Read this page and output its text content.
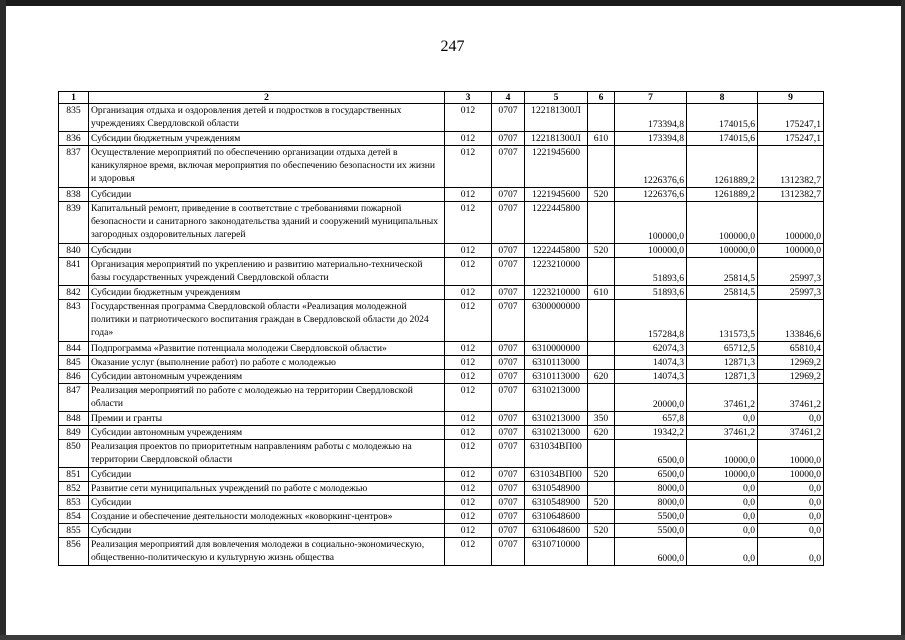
247
1	2	3	4	5	6	7	8	9
835	Организация отдыха и оздоровления детей и подростков в государственных учреждениях Свердловской области	012	0707	122181300Л		173394,8	174015,6	175247,1
836	Субсидии бюджетным учреждениям	012	0707	122181300Л	610	173394,8	174015,6	175247,1
837	Осуществление мероприятий по обеспечению организации отдыха детей в каникулярное время, включая мероприятия по обеспечению безопасности их жизни и здоровья	012	0707	1221945600		1226376,6	1261889,2	1312382,7
838	Субсидии	012	0707	1221945600	520	1226376,6	1261889,2	1312382,7
839	Капитальный ремонт, приведение в соответствие с требованиями пожарной безопасности и санитарного законодательства зданий и сооружений муниципальных загородных оздоровительных лагерей	012	0707	1222445800		100000,0	100000,0	100000,0
840	Субсидии	012	0707	1222445800	520	100000,0	100000,0	100000,0
841	Организация мероприятий по укреплению и развитию материально-технической базы государственных учреждений Свердловской области	012	0707	1223210000		51893,6	25814,5	25997,3
842	Субсидии бюджетным учреждениям	012	0707	1223210000	610	51893,6	25814,5	25997,3
843	Государственная программа Свердловской области «Реализация молодежной политики и патриотического воспитания граждан в Свердловской области до 2024 года»	012	0707	6300000000		157284,8	131573,5	133846,6
844	Подпрограмма «Развитие потенциала молодежи Свердловской области»	012	0707	6310000000		62074,3	65712,5	65810,4
845	Оказание услуг (выполнение работ) по работе с молодежью	012	0707	6310113000		14074,3	12871,3	12969,2
846	Субсидии автономным учреждениям	012	0707	6310113000	620	14074,3	12871,3	12969,2
847	Реализация мероприятий по работе с молодежью на территории Свердловской области	012	0707	6310213000		20000,0	37461,2	37461,2
848	Премии и гранты	012	0707	6310213000	350	657,8	0,0	0,0
849	Субсидии автономным учреждениям	012	0707	6310213000	620	19342,2	37461,2	37461,2
850	Реализация проектов по приоритетным направлениям работы с молодежью на территории Свердловской области	012	0707	631034ВП00		6500,0	10000,0	10000,0
851	Субсидии	012	0707	631034ВП00	520	6500,0	10000,0	10000,0
852	Развитие сети муниципальных учреждений по работе с молодежью	012	0707	6310548900		8000,0	0,0	0,0
853	Субсидии	012	0707	6310548900	520	8000,0	0,0	0,0
854	Создание и обеспечение деятельности молодежных «коворкинг-центров»	012	0707	6310648600		5500,0	0,0	0,0
855	Субсидии	012	0707	6310648600	520	5500,0	0,0	0,0
856	Реализация мероприятий для вовлечения молодежи в социально-экономическую, общественно-политическую и культурную жизнь общества	012	0707	6310710000		6000,0	0,0	0,0
